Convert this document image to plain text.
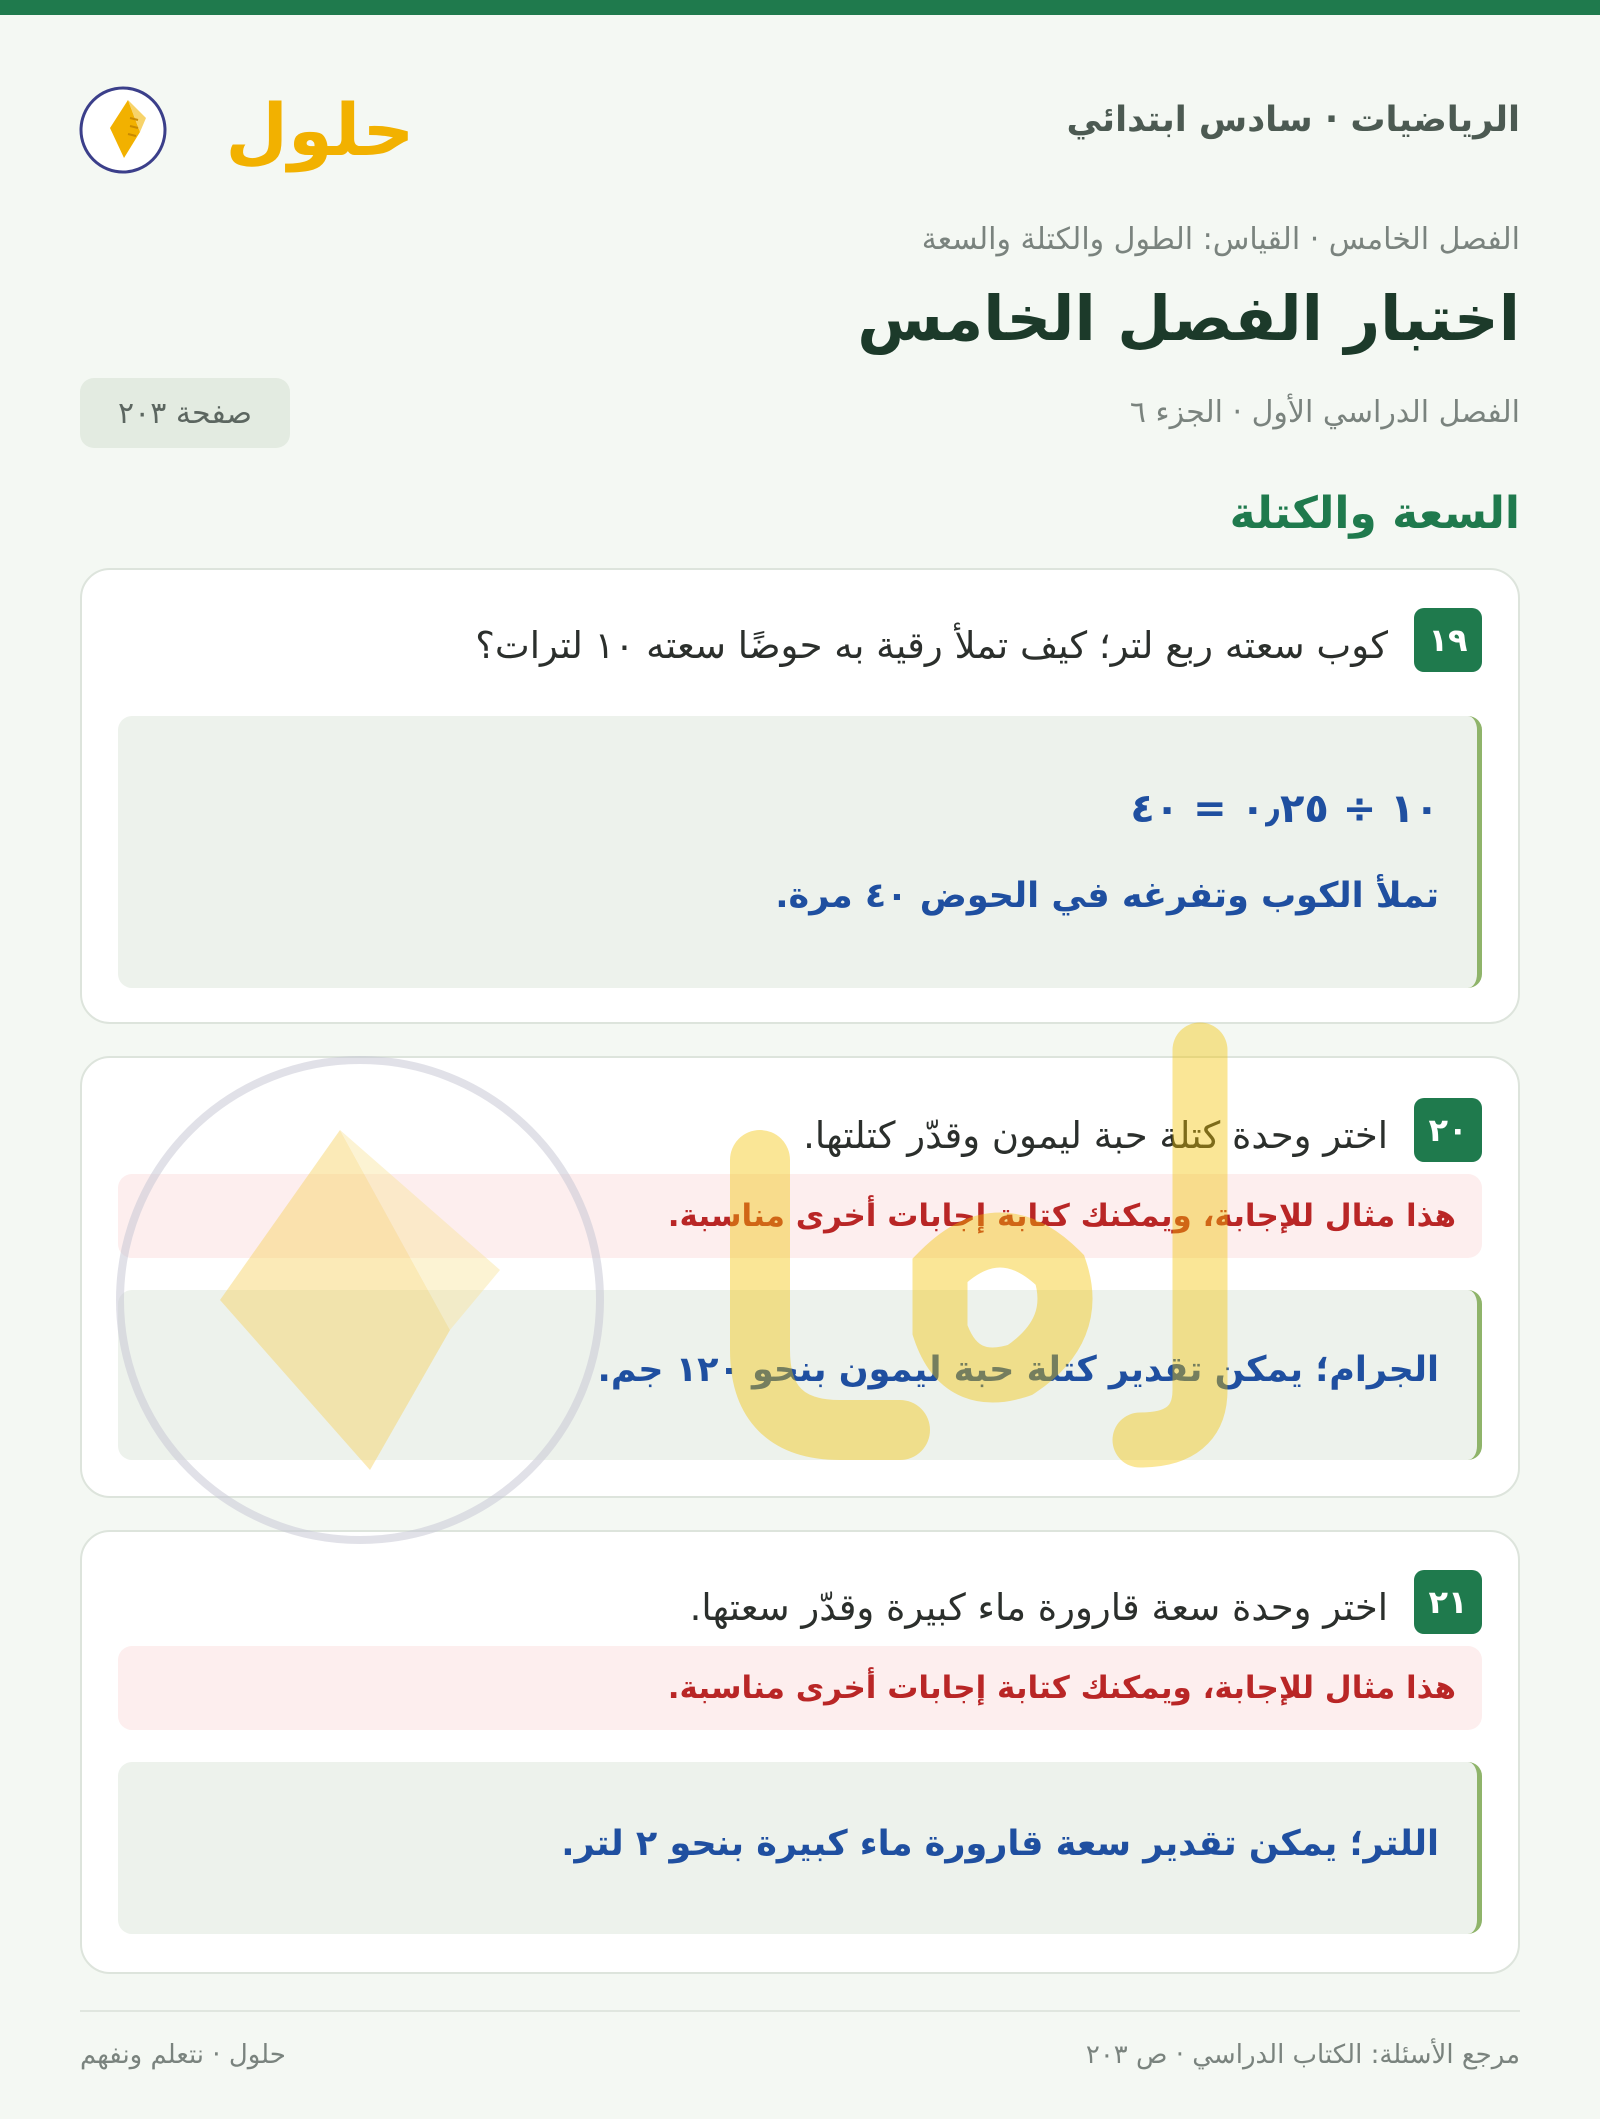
حلول	الرياضيات · سادس ابتدائي
الفصل الخامس · القياس: الطول والكتلة والسعة
اختبار الفصل الخامس
الفصل الدراسي الأول · الجزء ٦
صفحة ٢٠٣
السعة والكتلة
١٩
كوب سعته ربع لتر؛ كيف تملأ رقية به حوضًا سعته ١٠ لترات؟
١٠ ÷ ٠٫٢٥ = ٤٠
تملأ الكوب وتفرغه في الحوض ٤٠ مرة.
٢٠
اختر وحدة كتلة حبة ليمون وقدّر كتلتها.
هذا مثال للإجابة، ويمكنك كتابة إجابات أخرى مناسبة.
الجرام؛ يمكن تقدير كتلة حبة ليمون بنحو ١٢٠ جم.
٢١
اختر وحدة سعة قارورة ماء كبيرة وقدّر سعتها.
هذا مثال للإجابة، ويمكنك كتابة إجابات أخرى مناسبة.
اللتر؛ يمكن تقدير سعة قارورة ماء كبيرة بنحو ٢ لتر.
مرجع الأسئلة: الكتاب الدراسي · ص ٢٠٣
حلول · نتعلم ونفهم
